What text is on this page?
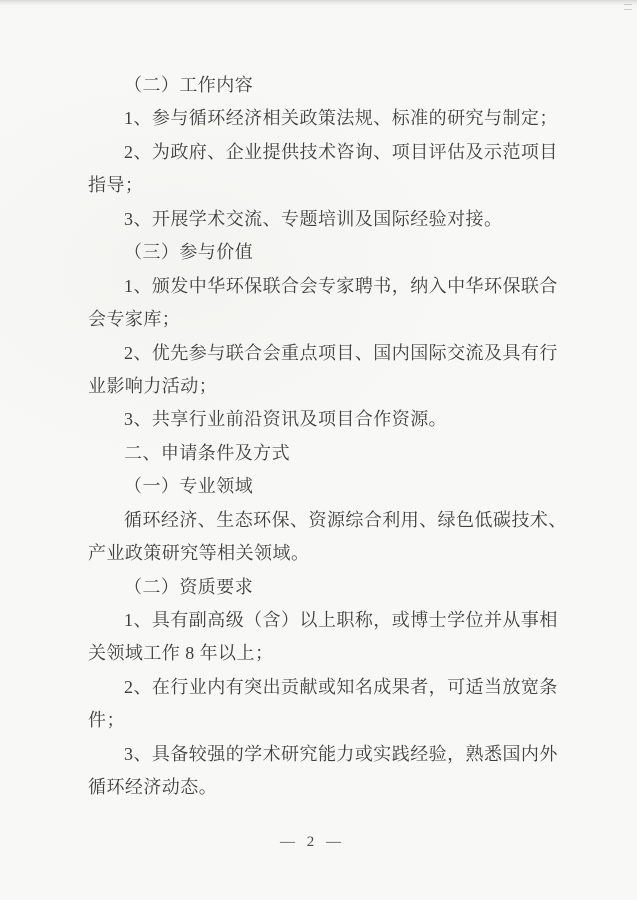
（二）工作内容
1、参与循环经济相关政策法规、标准的研究与制定；
2、为政府、企业提供技术咨询、项目评估及示范项目
指导；
3、开展学术交流、专题培训及国际经验对接。
（三）参与价值
1、颁发中华环保联合会专家聘书，纳入中华环保联合
会专家库；
2、优先参与联合会重点项目、国内国际交流及具有行
业影响力活动；
3、共享行业前沿资讯及项目合作资源。
二、申请条件及方式
（一）专业领域
循环经济、生态环保、资源综合利用、绿色低碳技术、
产业政策研究等相关领域。
（二）资质要求
1、具有副高级（含）以上职称，或博士学位并从事相
关领域工作 8 年以上；
2、在行业内有突出贡献或知名成果者，可适当放宽条
件；
3、具备较强的学术研究能力或实践经验，熟悉国内外
循环经济动态。
— 2 —
